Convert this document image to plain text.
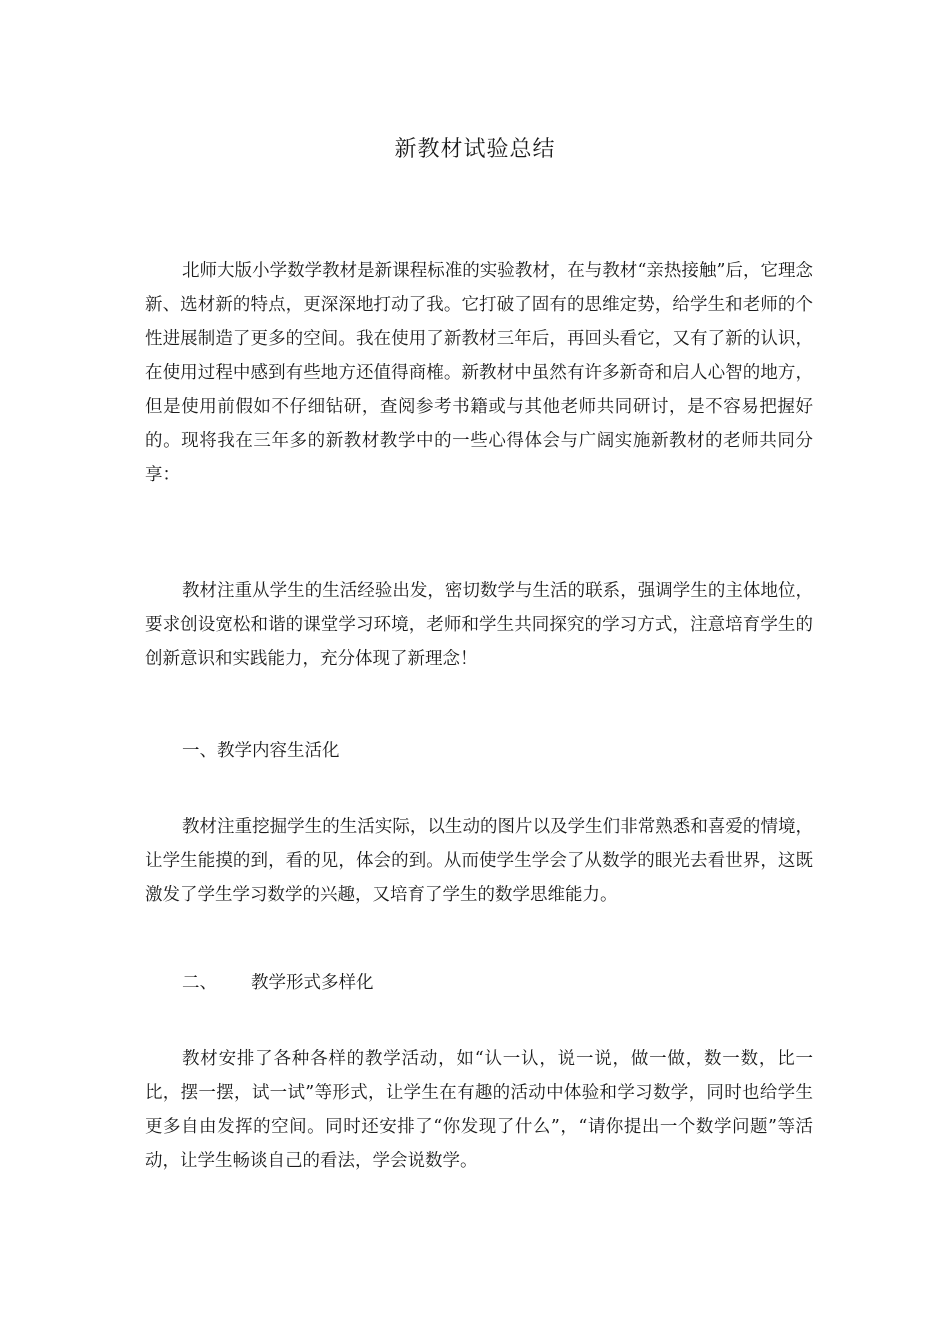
新教材试验总结
北师大版小学数学教材是新课程标准的实验教材，在与教材“亲热接触”后，它理念新、选材新的特点，更深深地打动了我。它打破了固有的思维定势，给学生和老师的个性进展制造了更多的空间。我在使用了新教材三年后，再回头看它，又有了新的认识，在使用过程中感到有些地方还值得商榷。新教材中虽然有许多新奇和启人心智的地方，但是使用前假如不仔细钻研，查阅参考书籍或与其他老师共同研讨，是不容易把握好的。现将我在三年多的新教材教学中的一些心得体会与广阔实施新教材的老师共同分享：
教材注重从学生的生活经验出发，密切数学与生活的联系，强调学生的主体地位，要求创设宽松和谐的课堂学习环境，老师和学生共同探究的学习方式，注意培育学生的创新意识和实践能力，充分体现了新理念！
一、教学内容生活化
教材注重挖掘学生的生活实际，以生动的图片以及学生们非常熟悉和喜爱的情境，让学生能摸的到，看的见，体会的到。从而使学生学会了从数学的眼光去看世界，这既激发了学生学习数学的兴趣，又培育了学生的数学思维能力。
二、 教学形式多样化
教材安排了各种各样的教学活动，如“认一认，说一说，做一做，数一数，比一比，摆一摆，试一试”等形式，让学生在有趣的活动中体验和学习数学，同时也给学生更多自由发挥的空间。同时还安排了“你发现了什么”，“请你提出一个数学问题”等活动，让学生畅谈自己的看法，学会说数学。
